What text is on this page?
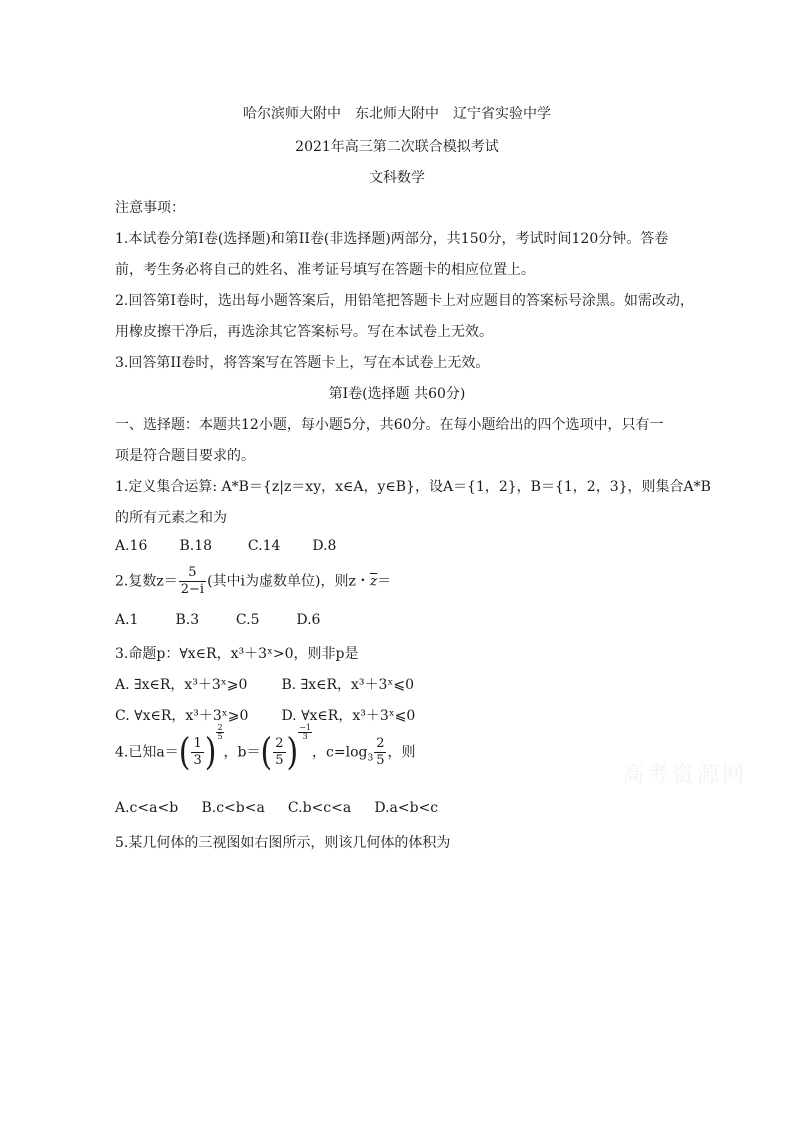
哈尔滨师大附中　东北师大附中　辽宁省实验中学
2021年高三第二次联合模拟考试
文科数学
注意事项：
1.本试卷分第I卷(选择题)和第II卷(非选择题)两部分，共150分，考试时间120分钟。答卷
前，考生务必将自己的姓名、准考证号填写在答题卡的相应位置上。
2.回答第I卷时，选出每小题答案后，用铅笔把答题卡上对应题目的答案标号涂黑。如需改动，
用橡皮擦干净后，再选涂其它答案标号。写在本试卷上无效。
3.回答第II卷时，将答案写在答题卡上，写在本试卷上无效。
第I卷(选择题 共60分)
一、选择题：本题共12小题，每小题5分，共60分。在每小题给出的四个选项中，只有一
项是符合题目要求的。
1.定义集合运算: A*B＝{z|z＝xy，x∈A，y∈B}，设A＝{1，2}，B＝{1，2，3}，则集合A*B
的所有元素之和为
A.16 B.18	C.14 D.8
2.复数$z= \frac{5}{2-i}$ (其中i为虚数单位)，则z・$\overline{z}=$
A.1	B.3	C.5	D.6
3.命题p：∀x∈R，x³＋3ˣ>0，则非p是
A. ∃x∈R，x³＋3ˣ⩾0 B. ∃x∈R，x³＋3ˣ⩽0
C. ∀x∈R，x³＋3ˣ⩾0 D. ∀x∈R，x³＋3ˣ⩽0
4.已知$a=( \frac{1}{3}$ ) $\frac{2}{5}$
，$b=( \frac{2}{5}$ ) $\frac{-1}{3}$
，$c=\log_3 \frac{2}{5}$ ，则
A.c<a<b B.c<b<a C.b<c<a D.a<b<c
5.某几何体的三视图如右图所示，则该几何体的体积为
高考资源网
